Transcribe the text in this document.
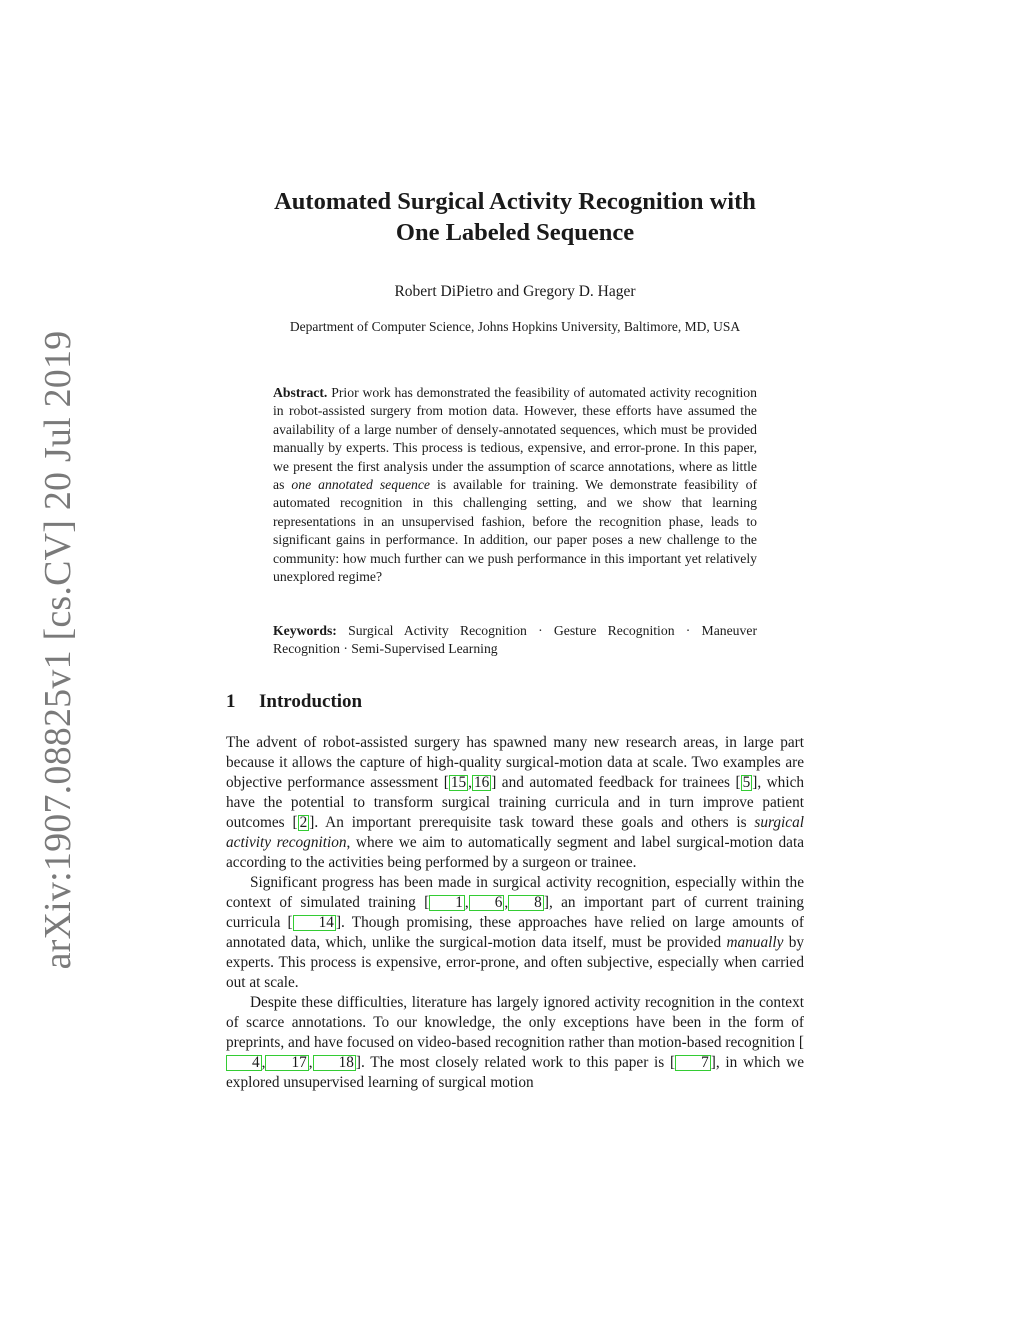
arXiv:1907.08825v1 [cs.CV] 20 Jul 2019
Automated Surgical Activity Recognition with
One Labeled Sequence
Robert DiPietro and Gregory D. Hager
Department of Computer Science, Johns Hopkins University, Baltimore, MD, USA
Abstract. Prior work has demonstrated the feasibility of automated activity recognition in robot-assisted surgery from motion data. However, these efforts have assumed the availability of a large number of densely-annotated sequences, which must be provided manually by experts. This process is tedious, expensive, and error-prone. In this paper, we present the first analysis under the assumption of scarce annotations, where as little as one annotated sequence is available for training. We demonstrate feasibility of automated recognition in this challenging setting, and we show that learning representations in an unsupervised fashion, before the recognition phase, leads to significant gains in performance. In addition, our paper poses a new challenge to the community: how much further can we push performance in this important yet relatively unexplored regime?
Keywords: Surgical Activity Recognition · Gesture Recognition · Maneuver Recognition · Semi-Supervised Learning
1 Introduction

The advent of robot-assisted surgery has spawned many new research areas, in large part because it allows the capture of high-quality surgical-motion data at scale. Two examples are objective performance assessment [ 15 , 16 ] and automated feedback for trainees [ 5 ], which have the potential to transform surgical training curricula and in turn improve patient outcomes [ 2 ]. An important prerequisite task toward these goals and others is surgical activity recognition, where we aim to automatically segment and label surgical-motion data according to the activities being performed by a surgeon or trainee.

Significant progress has been made in surgical activity recognition, especially within the context of simulated training [ 1 , 6 , 8 ], an important part of current training curricula [ 14 ]. Though promising, these approaches have relied on large amounts of annotated data, which, unlike the surgical-motion data itself, must be provided manually by experts. This process is expensive, error-prone, and often subjective, especially when carried out at scale.

Despite these difficulties, literature has largely ignored activity recognition in the context of scarce annotations. To our knowledge, the only exceptions have been in the form of preprints, and have focused on video-based recognition rather than motion-based recognition [4 , 17 , 18 ]. The most closely related work to this paper is [ 7 ], in which we explored unsupervised learning of surgical motion
